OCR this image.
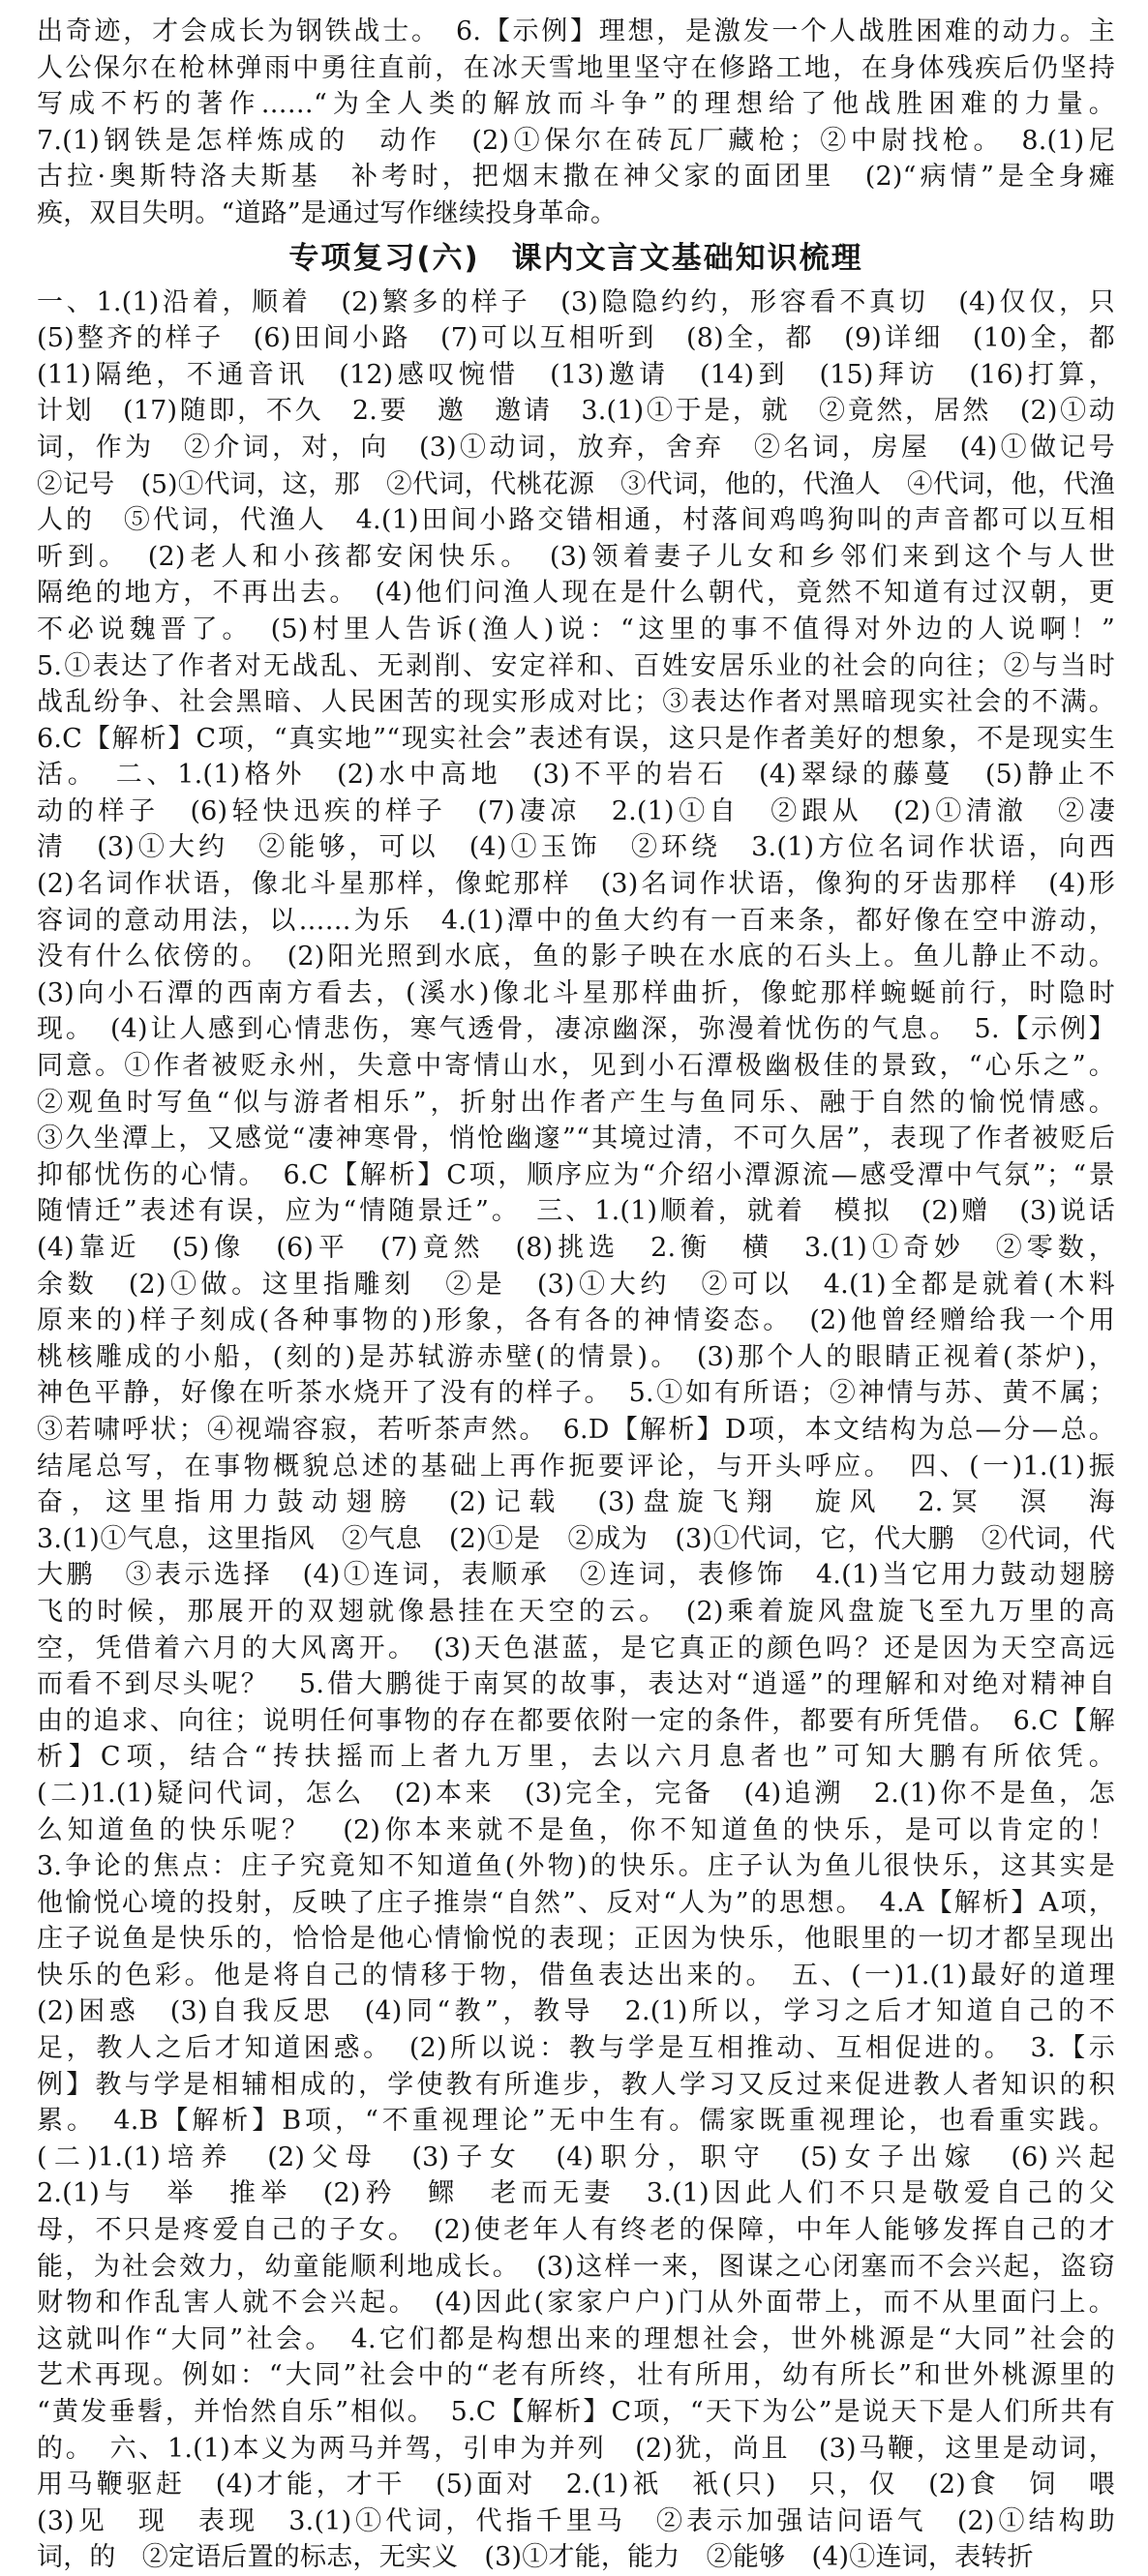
出奇迹，才会成长为钢铁战士。　6.【示例】理想，是激发一个人战胜困难的动力。主
人公保尔在枪林弹雨中勇往直前，在冰天雪地里坚守在修路工地，在身体残疾后仍坚持
写成不朽的著作……“为全人类的解放而斗争”的理想给了他战胜困难的力量。
7.(1)钢铁是怎样炼成的　动作　(2)①保尔在砖瓦厂藏枪；②中尉找枪。　8.(1)尼
古拉·奥斯特洛夫斯基　补考时，把烟末撒在神父家的面团里　(2)“病情”是全身瘫
痪，双目失明。“道路”是通过写作继续投身革命。
专项复习(六)　课内文言文基础知识梳理
一、1.(1)沿着，顺着　(2)繁多的样子　(3)隐隐约约，形容看不真切　(4)仅仅，只
(5)整齐的样子　(6)田间小路　(7)可以互相听到　(8)全，都　(9)详细　(10)全，都
(11)隔绝，不通音讯　(12)感叹惋惜　(13)邀请　(14)到　(15)拜访　(16)打算，
计划　(17)随即，不久　2.要　邀　邀请　3.(1)①于是，就　②竟然，居然　(2)①动
词，作为　②介词，对，向　(3)①动词，放弃，舍弃　②名词，房屋　(4)①做记号
②记号　(5)①代词，这，那　②代词，代桃花源　③代词，他的，代渔人　④代词，他，代渔
人的　⑤代词，代渔人　4.(1)田间小路交错相通，村落间鸡鸣狗叫的声音都可以互相
听到。　(2)老人和小孩都安闲快乐。　(3)领着妻子儿女和乡邻们来到这个与人世
隔绝的地方，不再出去。　(4)他们问渔人现在是什么朝代，竟然不知道有过汉朝，更
不必说魏晋了。　(5)村里人告诉(渔人)说：“这里的事不值得对外边的人说啊！”
5.①表达了作者对无战乱、无剥削、安定祥和、百姓安居乐业的社会的向往；②与当时
战乱纷争、社会黑暗、人民困苦的现实形成对比；③表达作者对黑暗现实社会的不满。
6.C【解析】C项，“真实地”“现实社会”表述有误，这只是作者美好的想象，不是现实生
活。　二、1.(1)格外　(2)水中高地　(3)不平的岩石　(4)翠绿的藤蔓　(5)静止不
动的样子　(6)轻快迅疾的样子　(7)凄凉　2.(1)①自　②跟从　(2)①清澈　②凄
清　(3)①大约　②能够，可以　(4)①玉饰　②环绕　3.(1)方位名词作状语，向西
(2)名词作状语，像北斗星那样，像蛇那样　(3)名词作状语，像狗的牙齿那样　(4)形
容词的意动用法，以……为乐　4.(1)潭中的鱼大约有一百来条，都好像在空中游动，
没有什么依傍的。　(2)阳光照到水底，鱼的影子映在水底的石头上。鱼儿静止不动。
(3)向小石潭的西南方看去，(溪水)像北斗星那样曲折，像蛇那样蜿蜒前行，时隐时
现。　(4)让人感到心情悲伤，寒气透骨，凄凉幽深，弥漫着忧伤的气息。　5.【示例】
同意。①作者被贬永州，失意中寄情山水，见到小石潭极幽极佳的景致，“心乐之”。
②观鱼时写鱼“似与游者相乐”，折射出作者产生与鱼同乐、融于自然的愉悦情感。
③久坐潭上，又感觉“凄神寒骨，悄怆幽邃”“其境过清，不可久居”，表现了作者被贬后
抑郁忧伤的心情。　6.C【解析】C项，顺序应为“介绍小潭源流—感受潭中气氛”；“景
随情迁”表述有误，应为“情随景迁”。　三、1.(1)顺着，就着　模拟　(2)赠　(3)说话
(4)靠近　(5)像　(6)平　(7)竟然　(8)挑选　2.衡　横　3.(1)①奇妙　②零数，
余数　(2)①做。这里指雕刻　②是　(3)①大约　②可以　4.(1)全都是就着(木料
原来的)样子刻成(各种事物的)形象，各有各的神情姿态。　(2)他曾经赠给我一个用
桃核雕成的小船，(刻的)是苏轼游赤壁(的情景)。　(3)那个人的眼睛正视着(茶炉)，
神色平静，好像在听茶水烧开了没有的样子。　5.①如有所语；②神情与苏、黄不属；
③若啸呼状；④视端容寂，若听茶声然。　6.D【解析】D项，本文结构为总—分—总。
结尾总写，在事物概貌总述的基础上再作扼要评论，与开头呼应。　四、(一)1.(1)振
奋，这里指用力鼓动翅膀　(2)记载　(3)盘旋飞翔　旋风　2.冥　溟　海
3.(1)①气息，这里指风　②气息　(2)①是　②成为　(3)①代词，它，代大鹏　②代词，代
大鹏　③表示选择　(4)①连词，表顺承　②连词，表修饰　4.(1)当它用力鼓动翅膀
飞的时候，那展开的双翅就像悬挂在天空的云。　(2)乘着旋风盘旋飞至九万里的高
空，凭借着六月的大风离开。　(3)天色湛蓝，是它真正的颜色吗？还是因为天空高远
而看不到尽头呢？　5.借大鹏徙于南冥的故事，表达对“逍遥”的理解和对绝对精神自
由的追求、向往；说明任何事物的存在都要依附一定的条件，都要有所凭借。　6.C【解
析】C项，结合“抟扶摇而上者九万里，去以六月息者也”可知大鹏有所依凭。
(二)1.(1)疑问代词，怎么　(2)本来　(3)完全，完备　(4)追溯　2.(1)你不是鱼，怎
么知道鱼的快乐呢？　(2)你本来就不是鱼，你不知道鱼的快乐，是可以肯定的！
3.争论的焦点：庄子究竟知不知道鱼(外物)的快乐。庄子认为鱼儿很快乐，这其实是
他愉悦心境的投射，反映了庄子推崇“自然”、反对“人为”的思想。　4.A【解析】A项，
庄子说鱼是快乐的，恰恰是他心情愉悦的表现；正因为快乐，他眼里的一切才都呈现出
快乐的色彩。他是将自己的情移于物，借鱼表达出来的。　五、(一)1.(1)最好的道理
(2)困惑　(3)自我反思　(4)同“教”，教导　2.(1)所以，学习之后才知道自己的不
足，教人之后才知道困惑。　(2)所以说：教与学是互相推动、互相促进的。　3.【示
例】教与学是相辅相成的，学使教有所進步，教人学习又反过来促进教人者知识的积
累。　4.B【解析】B项，“不重视理论”无中生有。儒家既重视理论，也看重实践。
(二)1.(1)培养　(2)父母　(3)子女　(4)职分，职守　(5)女子出嫁　(6)兴起
2.(1)与　举　推举　(2)矜　鳏　老而无妻　3.(1)因此人们不只是敬爱自己的父
母，不只是疼爱自己的子女。　(2)使老年人有终老的保障，中年人能够发挥自己的才
能，为社会效力，幼童能顺利地成长。　(3)这样一来，图谋之心闭塞而不会兴起，盗窃
财物和作乱害人就不会兴起。　(4)因此(家家户户)门从外面带上，而不从里面闩上。
这就叫作“大同”社会。　4.它们都是构想出来的理想社会，世外桃源是“大同”社会的
艺术再现。例如：“大同”社会中的“老有所终，壮有所用，幼有所长”和世外桃源里的
“黄发垂髫，并怡然自乐”相似。　5.C【解析】C项，“天下为公”是说天下是人们所共有
的。　六、1.(1)本义为两马并驾，引申为并列　(2)犹，尚且　(3)马鞭，这里是动词，
用马鞭驱赶　(4)才能，才干　(5)面对　2.(1)祇　衹(只)　只，仅　(2)食　饲　喂
(3)见　现　表现　3.(1)①代词，代指千里马　②表示加强诘问语气　(2)①结构助
词，的　②定语后置的标志，无实义　(3)①才能，能力　②能够　(4)①连词，表转折
